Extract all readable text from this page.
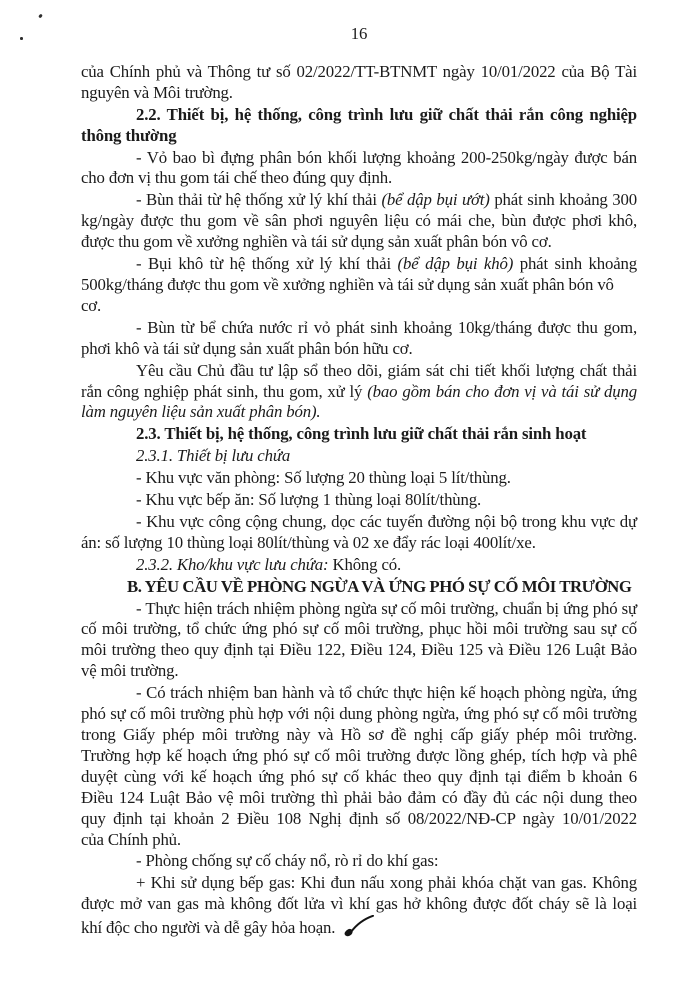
16
của Chính phủ và Thông tư số 02/2022/TT-BTNMT ngày 10/01/2022 của Bộ Tài
nguyên và Môi trường.
2.2. Thiết bị, hệ thống, công trình lưu giữ chất thải rắn công nghiệp
thông thường
- Vỏ bao bì đựng phân bón khối lượng khoảng 200-250kg/ngày được bán
cho đơn vị thu gom tái chế theo đúng quy định.
- Bùn thải từ hệ thống xử lý khí thải (bể dập bụi ướt) phát sinh khoảng 300
kg/ngày được thu gom về sân phơi nguyên liệu có mái che, bùn được phơi khô,
được thu gom về xưởng nghiền và tái sử dụng sản xuất phân bón vô cơ.
- Bụi khô từ hệ thống xử lý khí thải (bể dập bụi khô) phát sinh khoảng
500kg/tháng được thu gom về xưởng nghiền và tái sử dụng sản xuất phân bón vô cơ.
- Bùn từ bể chứa nước rỉ vỏ phát sinh khoảng 10kg/tháng được thu gom,
phơi khô và tái sử dụng sản xuất phân bón hữu cơ.
Yêu cầu Chủ đầu tư lập sổ theo dõi, giám sát chi tiết khối lượng chất thải
rắn công nghiệp phát sinh, thu gom, xử lý (bao gồm bán cho đơn vị và tái sử dụng
làm nguyên liệu sản xuất phân bón).
2.3. Thiết bị, hệ thống, công trình lưu giữ chất thải rắn sinh hoạt
2.3.1. Thiết bị lưu chứa
- Khu vực văn phòng: Số lượng 20 thùng loại 5 lít/thùng.
- Khu vực bếp ăn: Số lượng 1 thùng loại 80lít/thùng.
- Khu vực công cộng chung, dọc các tuyến đường nội bộ trong khu vực dự
án: số lượng 10 thùng loại 80lít/thùng và 02 xe đẩy rác loại 400lít/xe.
2.3.2. Kho/khu vực lưu chứa: Không có.
B. YÊU CẦU VỀ PHÒNG NGỪA VÀ ỨNG PHÓ SỰ CỐ MÔI TRƯỜNG
- Thực hiện trách nhiệm phòng ngừa sự cố môi trường, chuẩn bị ứng phó sự
cố môi trường, tổ chức ứng phó sự cố môi trường, phục hồi môi trường sau sự cố
môi trường theo quy định tại Điều 122, Điều 124, Điều 125 và Điều 126 Luật Bảo
vệ môi trường.
- Có trách nhiệm ban hành và tổ chức thực hiện kế hoạch phòng ngừa, ứng
phó sự cố môi trường phù hợp với nội dung phòng ngừa, ứng phó sự cố môi trường
trong Giấy phép môi trường này và Hồ sơ đề nghị cấp giấy phép môi trường.
Trường hợp kế hoạch ứng phó sự cố môi trường được lồng ghép, tích hợp và phê
duyệt cùng với kế hoạch ứng phó sự cố khác theo quy định tại điểm b khoản 6
Điều 124 Luật Bảo vệ môi trường thì phải bảo đảm có đầy đủ các nội dung theo
quy định tại khoản 2 Điều 108 Nghị định số 08/2022/NĐ-CP ngày 10/01/2022
của Chính phủ.
- Phòng chống sự cố cháy nổ, rò rỉ do khí gas:
+ Khi sử dụng bếp gas: Khi đun nấu xong phải khóa chặt van gas. Không
được mở van gas mà không đốt lửa vì khí gas hở không được đốt cháy sẽ là loại
khí độc cho người và dễ gây hỏa hoạn.
